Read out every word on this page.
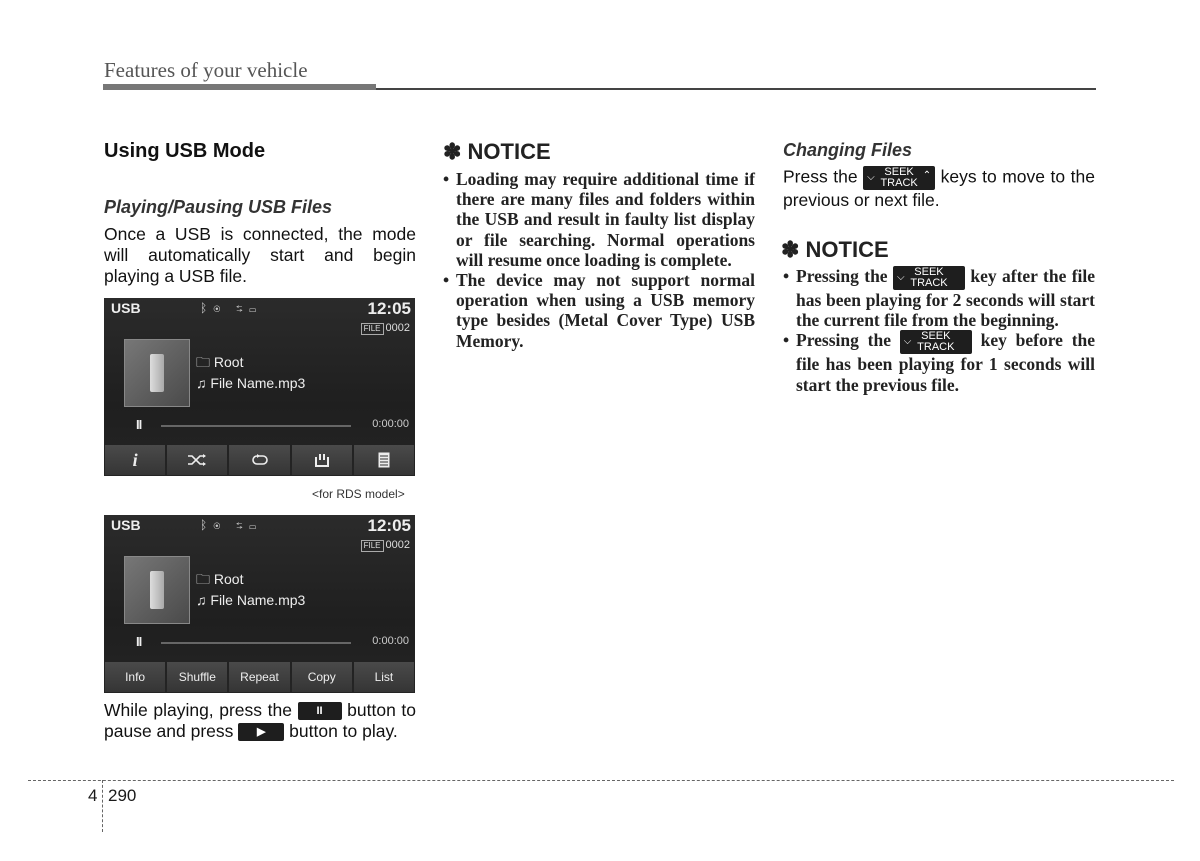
Features of your vehicle
Using USB Mode
Playing/Pausing USB Files
Once a USB is connected, the mode will automatically start and begin playing a USB file.
USB	ᛒ◉ ⇆▭	12:05
FILE 0002
🗀 Root
♫ File Name.mp3
II	0:00:00
i
<for RDS model>
USB	ᛒ◉ ⇆▭	12:05
FILE 0002
🗀 Root
♫ File Name.mp3
II	0:00:00
Info	Shuffle	Repeat	Copy	List
While playing, press the II button to pause and press ▶ button to play.
✽ NOTICE
• Loading may require additional time if there are many files and folders within the USB and result in faulty list display or file searching. Normal operations will resume once loading is complete.
• The device may not support normal operation when using a USB memory type besides (Metal Cover Type) USB Memory.
Changing Files
Press the ⌵ SEEK
TRACK
⌃ keys to move to the previous or next file.
✽ NOTICE
• Pressing the ⌵ SEEK
TRACK	key after the file has been playing for 2 seconds will start the current file from the beginning.
• Pressing the ⌵ SEEK
TRACK	key before the file has been playing for 1 seconds will start the previous file.
4 290
